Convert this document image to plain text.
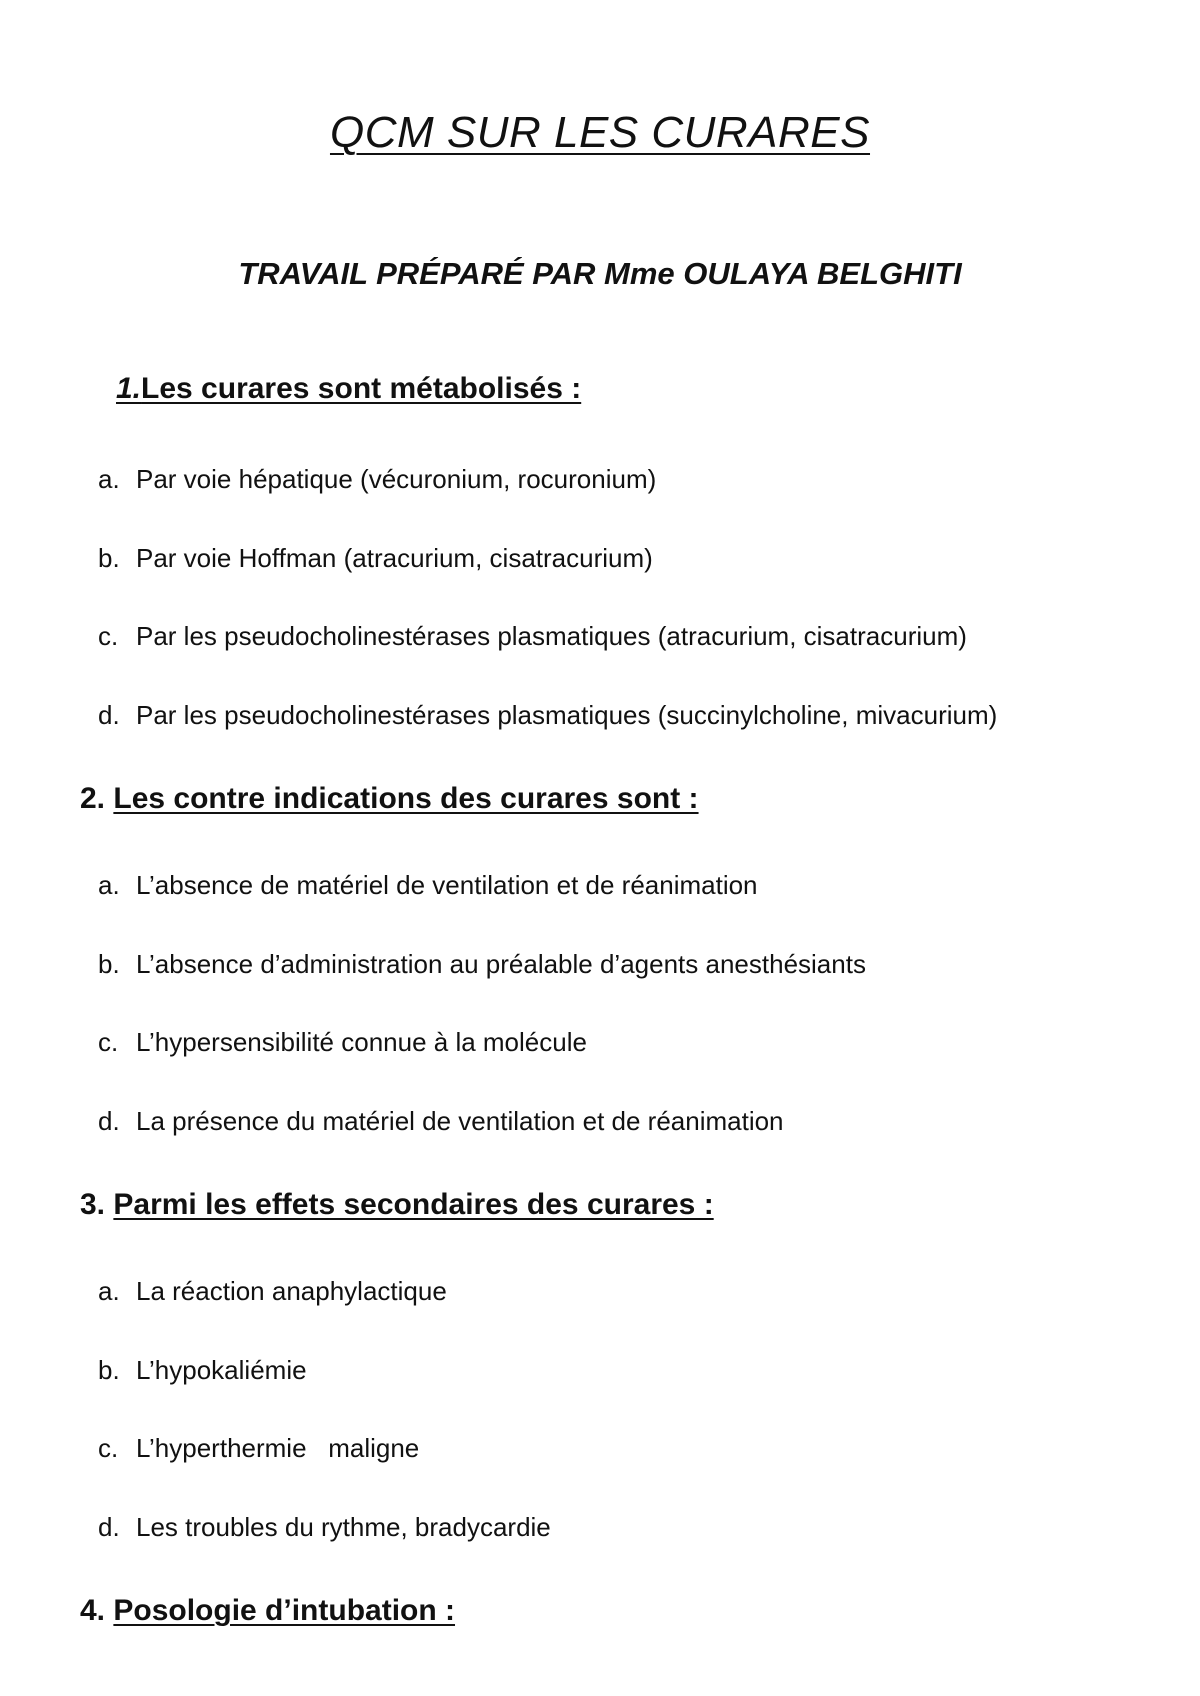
QCM SUR LES CURARES
TRAVAIL PRÉPARÉ PAR Mme OULAYA BELGHITI
1.Les curares sont métabolisés :
a. Par voie hépatique (vécuronium, rocuronium)
b. Par voie Hoffman (atracurium, cisatracurium)
c. Par les pseudocholinestérases plasmatiques (atracurium, cisatracurium)
d. Par les pseudocholinestérases plasmatiques (succinylcholine, mivacurium)
2. Les contre indications des curares sont :
a. L’absence de matériel de ventilation et de réanimation
b. L’absence d’administration au préalable d’agents anesthésiants
c. L’hypersensibilité connue à la molécule
d. La présence du matériel de ventilation et de réanimation
3. Parmi les effets secondaires des curares :
a. La réaction anaphylactique
b. L’hypokaliémie
c. L’hyperthermie   maligne
d. Les troubles du rythme, bradycardie
4. Posologie d’intubation :
